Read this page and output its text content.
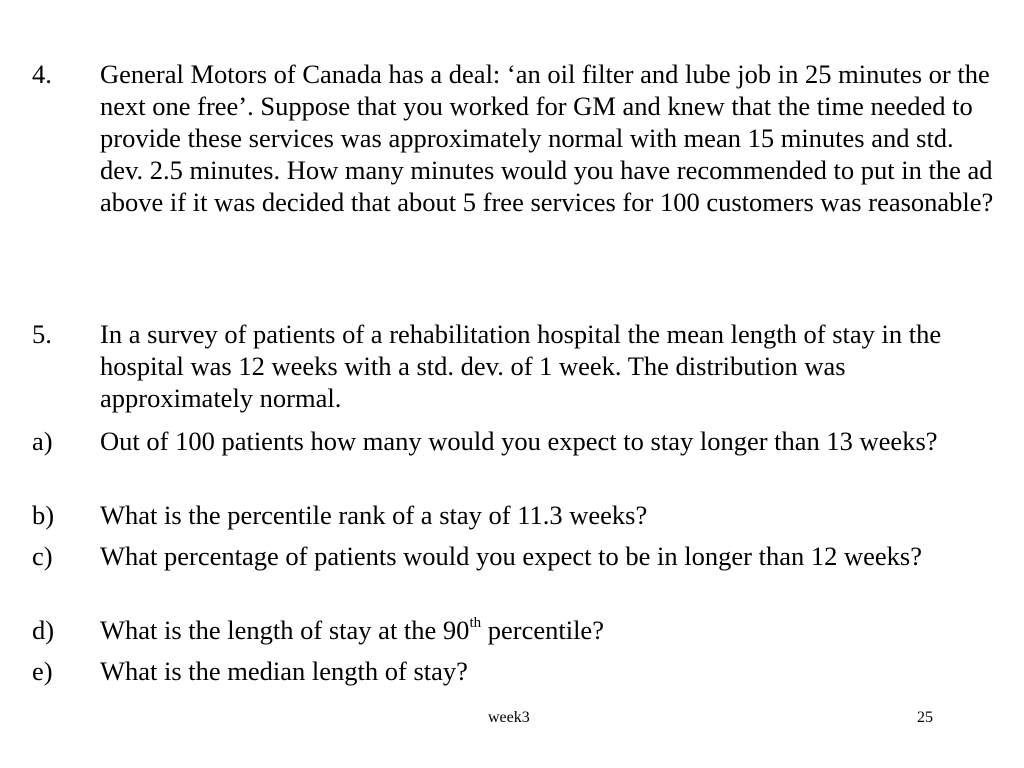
4.	General Motors of Canada has a deal: ‘an oil filter and lube job in 25 minutes or the next one free’. Suppose that you worked for GM and knew that the time needed to provide these services was approximately normal with mean 15 minutes and std. dev. 2.5 minutes. How many minutes would you have recommended to put in the ad above if it was decided that about 5 free services for 100 customers was reasonable?
5.	In a survey of patients of a rehabilitation hospital the mean length of stay in the hospital was 12 weeks with a std. dev. of 1 week. The distribution was approximately normal.
a)	Out of 100 patients how many would you expect to stay longer than 13 weeks?
b)	What is the percentile rank of a stay of 11.3 weeks?
c)	What percentage of patients would you expect to be in longer than 12 weeks?
d)	What is the length of stay at the 90th percentile?
e)	What is the median length of stay?
week3	25
